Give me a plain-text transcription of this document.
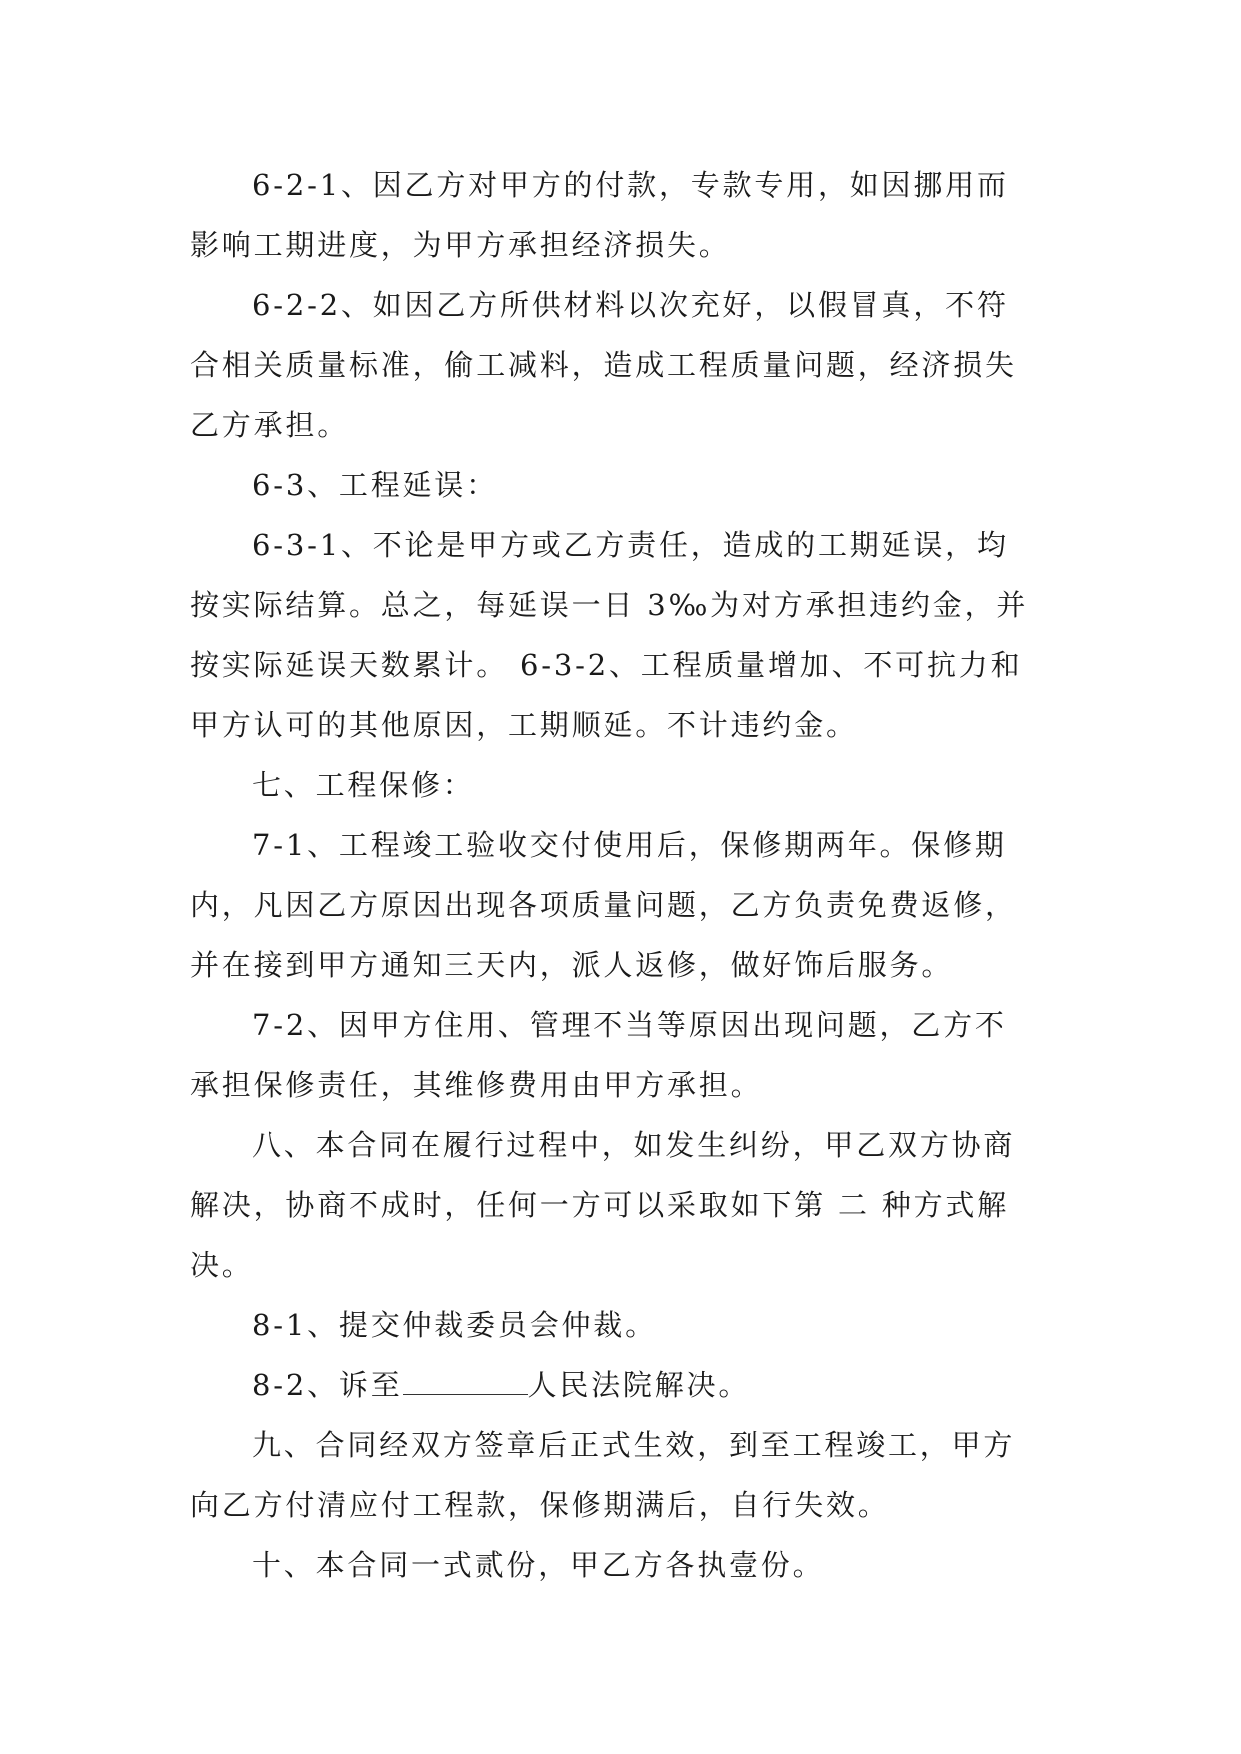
6-2-1、因乙方对甲方的付款，专款专用，如因挪用而
影响工期进度，为甲方承担经济损失。

6-2-2、如因乙方所供材料以次充好，以假冒真，不符
合相关质量标准，偷工减料，造成工程质量问题，经济损失
乙方承担。

6-3、工程延误：

6-3-1、不论是甲方或乙方责任，造成的工期延误，均
按实际结算。总之，每延误一日 3‰为对方承担违约金，并
按实际延误天数累计。 6-3-2、工程质量增加、不可抗力和
甲方认可的其他原因，工期顺延。不计违约金。

七、工程保修：

7-1、工程竣工验收交付使用后，保修期两年。保修期
内，凡因乙方原因出现各项质量问题，乙方负责免费返修，
并在接到甲方通知三天内，派人返修，做好饰后服务。

7-2、因甲方住用、管理不当等原因出现问题，乙方不
承担保修责任，其维修费用由甲方承担。

八、本合同在履行过程中，如发生纠纷，甲乙双方协商
解决，协商不成时，任何一方可以采取如下第 二 种方式解
决。

8-1、提交仲裁委员会仲裁。

8-2、诉至	人民法院解决。

九、合同经双方签章后正式生效，到至工程竣工，甲方
向乙方付清应付工程款，保修期满后，自行失效。

十、本合同一式贰份，甲乙方各执壹份。
